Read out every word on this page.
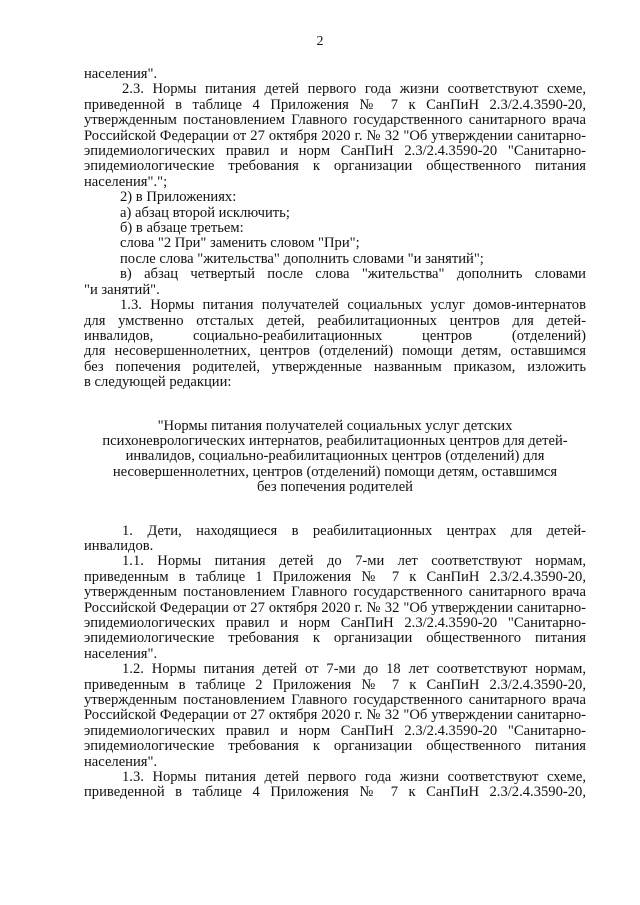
2
населения".
2.3. Нормы питания детей первого года жизни соответствуют схеме,
приведенной в таблице 4 Приложения № 7 к СанПиН 2.3/2.4.3590-20,
утвержденным постановлением Главного государственного санитарного врача
Российской Федерации от 27 октября 2020 г. № 32 "Об утверждении санитарно-
эпидемиологических правил и норм СанПиН 2.3/2.4.3590-20 "Санитарно-
эпидемиологические требования к организации общественного питания
населения".";
2) в Приложениях:
а) абзац второй исключить;
б) в абзаце третьем:
слова "2 При" заменить словом "При";
после слова "жительства" дополнить словами "и занятий";
в) абзац четвертый после слова "жительства" дополнить словами
"и занятий".
1.3. Нормы питания получателей социальных услуг домов-интернатов
для умственно отсталых детей, реабилитационных центров для детей-
инвалидов, социально-реабилитационных центров (отделений)
для несовершеннолетних, центров (отделений) помощи детям, оставшимся
без попечения родителей, утвержденные названным приказом, изложить
в следующей редакции:
"Нормы питания получателей социальных услуг детских
психоневрологических интернатов, реабилитационных центров для детей-
инвалидов, социально-реабилитационных центров (отделений) для
несовершеннолетних, центров (отделений) помощи детям, оставшимся
без попечения родителей
1. Дети, находящиеся в реабилитационных центрах для детей-
инвалидов.
1.1. Нормы питания детей до 7-ми лет соответствуют нормам,
приведенным в таблице 1 Приложения № 7 к СанПиН 2.3/2.4.3590-20,
утвержденным постановлением Главного государственного санитарного врача
Российской Федерации от 27 октября 2020 г. № 32 "Об утверждении санитарно-
эпидемиологических правил и норм СанПиН 2.3/2.4.3590-20 "Санитарно-
эпидемиологические требования к организации общественного питания
населения".
1.2. Нормы питания детей от 7-ми до 18 лет соответствуют нормам,
приведенным в таблице 2 Приложения № 7 к СанПиН 2.3/2.4.3590-20,
утвержденным постановлением Главного государственного санитарного врача
Российской Федерации от 27 октября 2020 г. № 32 "Об утверждении санитарно-
эпидемиологических правил и норм СанПиН 2.3/2.4.3590-20 "Санитарно-
эпидемиологические требования к организации общественного питания
населения".
1.3. Нормы питания детей первого года жизни соответствуют схеме,
приведенной в таблице 4 Приложения № 7 к СанПиН 2.3/2.4.3590-20,
